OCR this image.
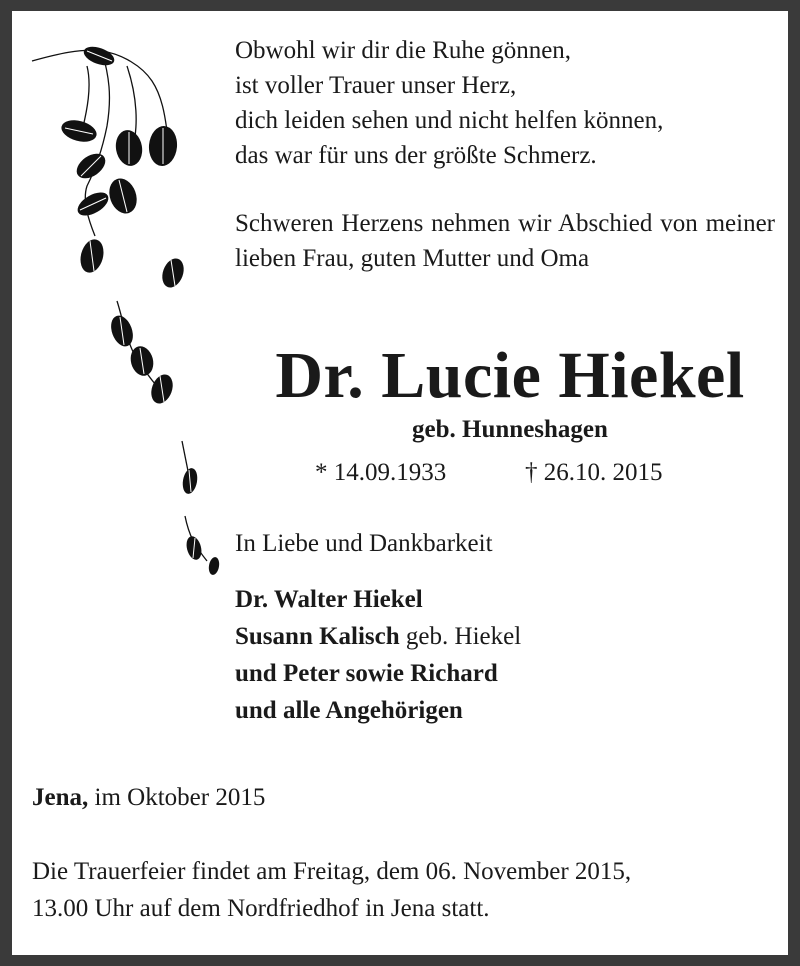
Obwohl wir dir die Ruhe gönnen,
ist voller Trauer unser Herz,
dich leiden sehen und nicht helfen können,
das war für uns der größte Schmerz.
Schweren Herzens nehmen wir Abschied von meiner lieben Frau, guten Mutter und Oma
Dr. Lucie Hiekel
geb. Hunneshagen
* 14.09.1933	† 26.10. 2015
In Liebe und Dankbarkeit
Dr. Walter Hiekel
Susann Kalisch geb. Hiekel
und Peter sowie Richard
und alle Angehörigen
Jena, im Oktober 2015
Die Trauerfeier findet am Freitag, dem 06. November 2015,
13.00 Uhr auf dem Nordfriedhof in Jena statt.
